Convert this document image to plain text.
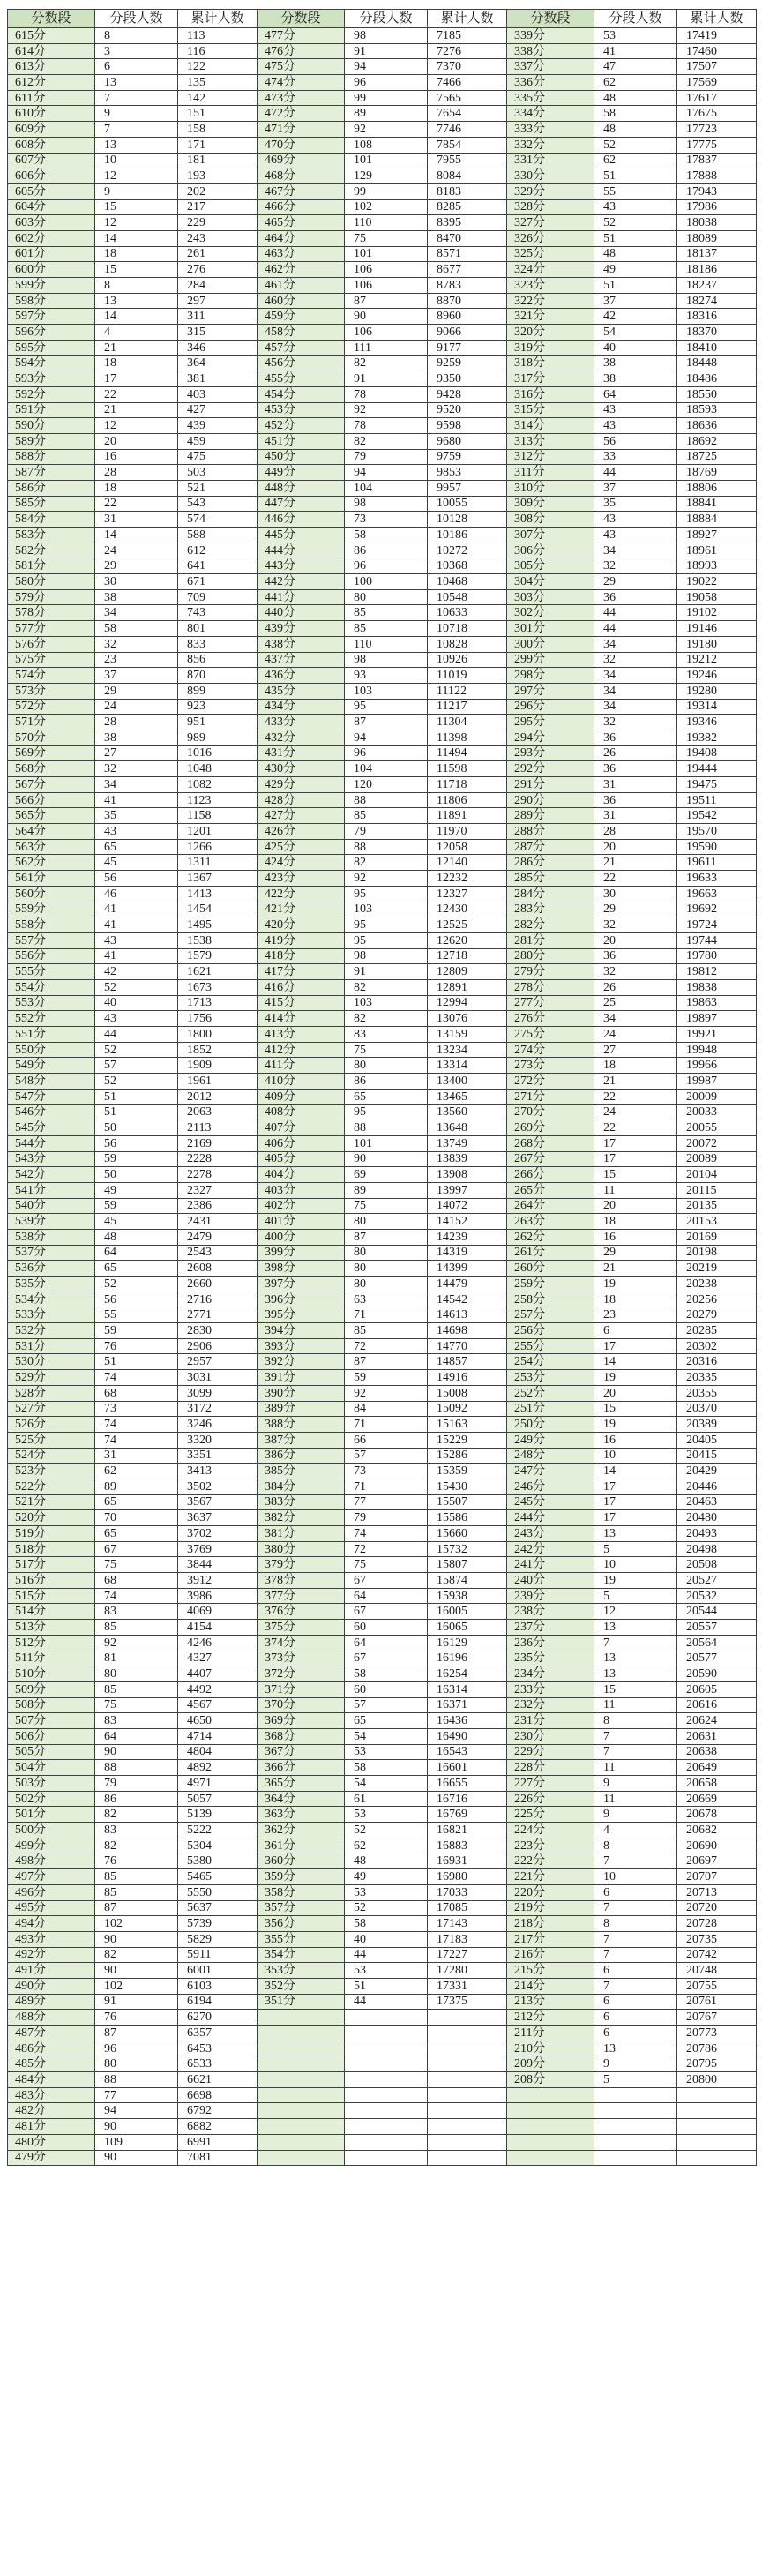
分数段	分段人数	累计人数	分数段	分段人数	累计人数	分数段	分段人数	累计人数
615分	8	113	477分	98	7185	339分	53	17419
614分	3	116	476分	91	7276	338分	41	17460
613分	6	122	475分	94	7370	337分	47	17507
612分	13	135	474分	96	7466	336分	62	17569
611分	7	142	473分	99	7565	335分	48	17617
610分	9	151	472分	89	7654	334分	58	17675
609分	7	158	471分	92	7746	333分	48	17723
608分	13	171	470分	108	7854	332分	52	17775
607分	10	181	469分	101	7955	331分	62	17837
606分	12	193	468分	129	8084	330分	51	17888
605分	9	202	467分	99	8183	329分	55	17943
604分	15	217	466分	102	8285	328分	43	17986
603分	12	229	465分	110	8395	327分	52	18038
602分	14	243	464分	75	8470	326分	51	18089
601分	18	261	463分	101	8571	325分	48	18137
600分	15	276	462分	106	8677	324分	49	18186
599分	8	284	461分	106	8783	323分	51	18237
598分	13	297	460分	87	8870	322分	37	18274
597分	14	311	459分	90	8960	321分	42	18316
596分	4	315	458分	106	9066	320分	54	18370
595分	21	346	457分	111	9177	319分	40	18410
594分	18	364	456分	82	9259	318分	38	18448
593分	17	381	455分	91	9350	317分	38	18486
592分	22	403	454分	78	9428	316分	64	18550
591分	21	427	453分	92	9520	315分	43	18593
590分	12	439	452分	78	9598	314分	43	18636
589分	20	459	451分	82	9680	313分	56	18692
588分	16	475	450分	79	9759	312分	33	18725
587分	28	503	449分	94	9853	311分	44	18769
586分	18	521	448分	104	9957	310分	37	18806
585分	22	543	447分	98	10055	309分	35	18841
584分	31	574	446分	73	10128	308分	43	18884
583分	14	588	445分	58	10186	307分	43	18927
582分	24	612	444分	86	10272	306分	34	18961
581分	29	641	443分	96	10368	305分	32	18993
580分	30	671	442分	100	10468	304分	29	19022
579分	38	709	441分	80	10548	303分	36	19058
578分	34	743	440分	85	10633	302分	44	19102
577分	58	801	439分	85	10718	301分	44	19146
576分	32	833	438分	110	10828	300分	34	19180
575分	23	856	437分	98	10926	299分	32	19212
574分	37	870	436分	93	11019	298分	34	19246
573分	29	899	435分	103	11122	297分	34	19280
572分	24	923	434分	95	11217	296分	34	19314
571分	28	951	433分	87	11304	295分	32	19346
570分	38	989	432分	94	11398	294分	36	19382
569分	27	1016	431分	96	11494	293分	26	19408
568分	32	1048	430分	104	11598	292分	36	19444
567分	34	1082	429分	120	11718	291分	31	19475
566分	41	1123	428分	88	11806	290分	36	19511
565分	35	1158	427分	85	11891	289分	31	19542
564分	43	1201	426分	79	11970	288分	28	19570
563分	65	1266	425分	88	12058	287分	20	19590
562分	45	1311	424分	82	12140	286分	21	19611
561分	56	1367	423分	92	12232	285分	22	19633
560分	46	1413	422分	95	12327	284分	30	19663
559分	41	1454	421分	103	12430	283分	29	19692
558分	41	1495	420分	95	12525	282分	32	19724
557分	43	1538	419分	95	12620	281分	20	19744
556分	41	1579	418分	98	12718	280分	36	19780
555分	42	1621	417分	91	12809	279分	32	19812
554分	52	1673	416分	82	12891	278分	26	19838
553分	40	1713	415分	103	12994	277分	25	19863
552分	43	1756	414分	82	13076	276分	34	19897
551分	44	1800	413分	83	13159	275分	24	19921
550分	52	1852	412分	75	13234	274分	27	19948
549分	57	1909	411分	80	13314	273分	18	19966
548分	52	1961	410分	86	13400	272分	21	19987
547分	51	2012	409分	65	13465	271分	22	20009
546分	51	2063	408分	95	13560	270分	24	20033
545分	50	2113	407分	88	13648	269分	22	20055
544分	56	2169	406分	101	13749	268分	17	20072
543分	59	2228	405分	90	13839	267分	17	20089
542分	50	2278	404分	69	13908	266分	15	20104
541分	49	2327	403分	89	13997	265分	11	20115
540分	59	2386	402分	75	14072	264分	20	20135
539分	45	2431	401分	80	14152	263分	18	20153
538分	48	2479	400分	87	14239	262分	16	20169
537分	64	2543	399分	80	14319	261分	29	20198
536分	65	2608	398分	80	14399	260分	21	20219
535分	52	2660	397分	80	14479	259分	19	20238
534分	56	2716	396分	63	14542	258分	18	20256
533分	55	2771	395分	71	14613	257分	23	20279
532分	59	2830	394分	85	14698	256分	6	20285
531分	76	2906	393分	72	14770	255分	17	20302
530分	51	2957	392分	87	14857	254分	14	20316
529分	74	3031	391分	59	14916	253分	19	20335
528分	68	3099	390分	92	15008	252分	20	20355
527分	73	3172	389分	84	15092	251分	15	20370
526分	74	3246	388分	71	15163	250分	19	20389
525分	74	3320	387分	66	15229	249分	16	20405
524分	31	3351	386分	57	15286	248分	10	20415
523分	62	3413	385分	73	15359	247分	14	20429
522分	89	3502	384分	71	15430	246分	17	20446
521分	65	3567	383分	77	15507	245分	17	20463
520分	70	3637	382分	79	15586	244分	17	20480
519分	65	3702	381分	74	15660	243分	13	20493
518分	67	3769	380分	72	15732	242分	5	20498
517分	75	3844	379分	75	15807	241分	10	20508
516分	68	3912	378分	67	15874	240分	19	20527
515分	74	3986	377分	64	15938	239分	5	20532
514分	83	4069	376分	67	16005	238分	12	20544
513分	85	4154	375分	60	16065	237分	13	20557
512分	92	4246	374分	64	16129	236分	7	20564
511分	81	4327	373分	67	16196	235分	13	20577
510分	80	4407	372分	58	16254	234分	13	20590
509分	85	4492	371分	60	16314	233分	15	20605
508分	75	4567	370分	57	16371	232分	11	20616
507分	83	4650	369分	65	16436	231分	8	20624
506分	64	4714	368分	54	16490	230分	7	20631
505分	90	4804	367分	53	16543	229分	7	20638
504分	88	4892	366分	58	16601	228分	11	20649
503分	79	4971	365分	54	16655	227分	9	20658
502分	86	5057	364分	61	16716	226分	11	20669
501分	82	5139	363分	53	16769	225分	9	20678
500分	83	5222	362分	52	16821	224分	4	20682
499分	82	5304	361分	62	16883	223分	8	20690
498分	76	5380	360分	48	16931	222分	7	20697
497分	85	5465	359分	49	16980	221分	10	20707
496分	85	5550	358分	53	17033	220分	6	20713
495分	87	5637	357分	52	17085	219分	7	20720
494分	102	5739	356分	58	17143	218分	8	20728
493分	90	5829	355分	40	17183	217分	7	20735
492分	82	5911	354分	44	17227	216分	7	20742
491分	90	6001	353分	53	17280	215分	6	20748
490分	102	6103	352分	51	17331	214分	7	20755
489分	91	6194	351分	44	17375	213分	6	20761
488分	76	6270				212分	6	20767
487分	87	6357				211分	6	20773
486分	96	6453				210分	13	20786
485分	80	6533				209分	9	20795
484分	88	6621				208分	5	20800
483分	77	6698						
482分	94	6792						
481分	90	6882						
480分	109	6991						
479分	90	7081						
